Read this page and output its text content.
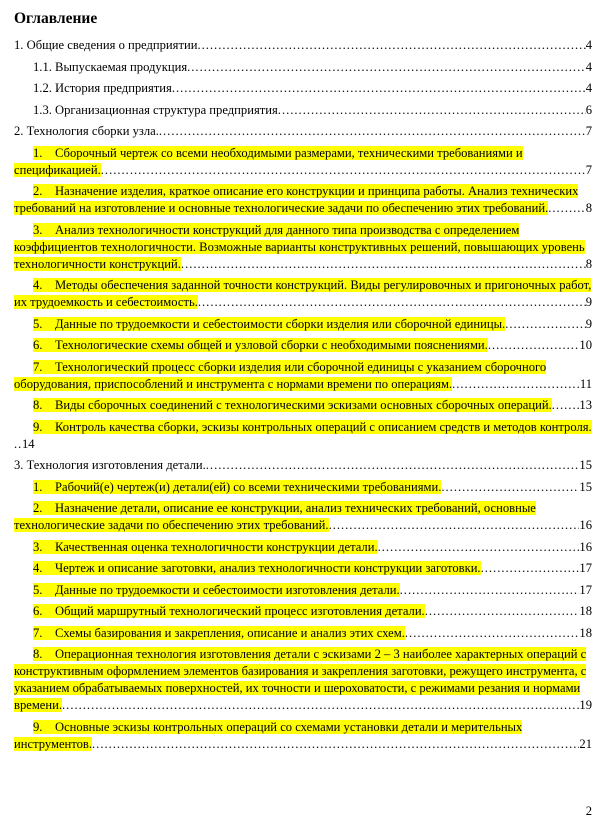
Оглавление
1. Общие сведения о предприятии.....	4
1.1. Выпускаемая продукция.....	4
1.2. История предприятия.....	4
1.3. Организационная структура предприятия.....	6
2. Технология сборки узла......	7
1. Сборочный чертеж со всеми необходимыми размерами, техническими требованиями и спецификацией......	7
2. Назначение изделия, краткое описание его конструкции и принципа работы. Анализ технических требований на изготовление и основные технологические задачи по обеспечению этих требований......	8
3. Анализ технологичности конструкций для данного типа производства с определением коэффициентов технологичности. Возможные варианты конструктивных решений, повышающих уровень технологичности конструкций......	8
4. Методы обеспечения заданной точности конструкций. Виды регулировочных и пригоночных работ, их трудоемкость и себестоимость. .....	9
5. Данные по трудоемкости и себестоимости сборки изделия или сборочной единицы. .....	9
6. Технологические схемы общей и узловой сборки с необходимыми пояснениями......	10
7. Технологический процесс сборки изделия или сборочной единицы с указанием сборочного оборудования, приспособлений и инструмента с нормами времени по операциям......	11
8. Виды сборочных соединений с технологическими эскизами основных сборочных операций...... 13
9. Контроль качества сборки, эскизы контрольных операций с описанием средств и методов контроля......14
3. Технология изготовления детали......	15
1. Рабочий(е) чертеж(и) детали(ей) со всеми техническими требованиями......	15
2. Назначение детали, описание ее конструкции, анализ технических требований, основные технологические задачи по обеспечению этих требований......	16
3. Качественная оценка технологичности конструкции детали......	16
4. Чертеж и описание заготовки, анализ технологичности конструкции заготовки......	17
5. Данные по трудоемкости и себестоимости изготовления детали......	17
6. Общий маршрутный технологический процесс изготовления детали......	18
7. Схемы базирования и закрепления, описание и анализ этих схем......	18
8. Операционная технология изготовления детали с эскизами 2 – 3 наиболее характерных операций с конструктивным оформлением элементов базирования и закрепления заготовки, режущего инструмента, с указанием обрабатываемых поверхностей, их точности и шероховатости, с режимами резания и нормами времени......	19
9. Основные эскизы контрольных операций со схемами установки детали и мерительных инструментов......	21
2
